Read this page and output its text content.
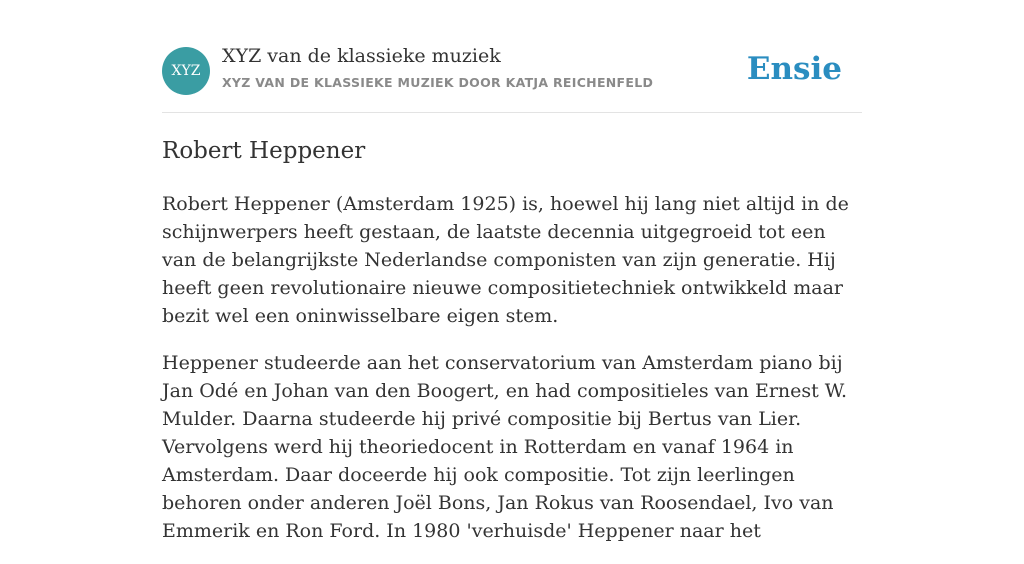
XYZ
XYZ van de klassieke muziek
XYZ VAN DE KLASSIEKE MUZIEK DOOR KATJA REICHENFELD	Ensie
Robert Heppener

Robert Heppener (Amsterdam 1925) is, hoewel hij lang niet altijd in de schijnwerpers heeft gestaan, de laatste decennia uitgegroeid tot een van de belangrijkste Nederlandse componisten van zijn generatie. Hij heeft geen revolutionaire nieuwe compositietechniek ontwikkeld maar bezit wel een oninwisselbare eigen stem.

Heppener studeerde aan het conservatorium van Amsterdam piano bij Jan Odé en Johan van den Boogert, en had compositieles van Ernest W. Mulder. Daarna studeerde hij privé compositie bij Bertus van Lier. Vervolgens werd hij theoriedocent in Rotterdam en vanaf 1964 in Amsterdam. Daar doceerde hij ook compositie. Tot zijn leerlingen behoren onder anderen Joël Bons, Jan Rokus van Roosendael, Ivo van Emmerik en Ron Ford. In 1980 'verhuisde' Heppener naar het
